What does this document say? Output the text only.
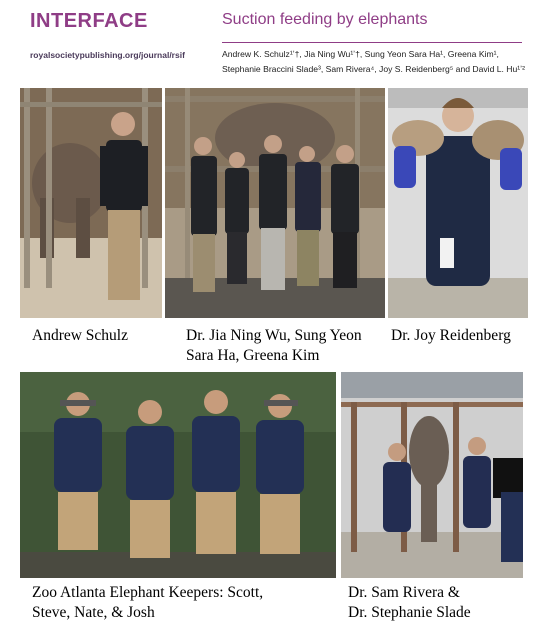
INTERFACE
royalsocietypublishing.org/journal/rsif
Suction feeding by elephants
Andrew K. Schulz¹ʼ†, Jia Ning Wu¹ʼ†, Sung Yeon Sara Ha¹, Greena Kim¹,
Stephanie Braccini Slade³, Sam Rivera⁴, Joy S. Reidenberg⁵ and David L. Hu¹ʼ²
Andrew Schulz	Dr. Jia Ning Wu, Sung Yeon
Sara Ha, Greena Kim
Dr. Joy Reidenberg
Zoo Atlanta Elephant Keepers: Scott,
Steve, Nate, & Josh
Dr. Sam Rivera &
Dr. Stephanie Slade
